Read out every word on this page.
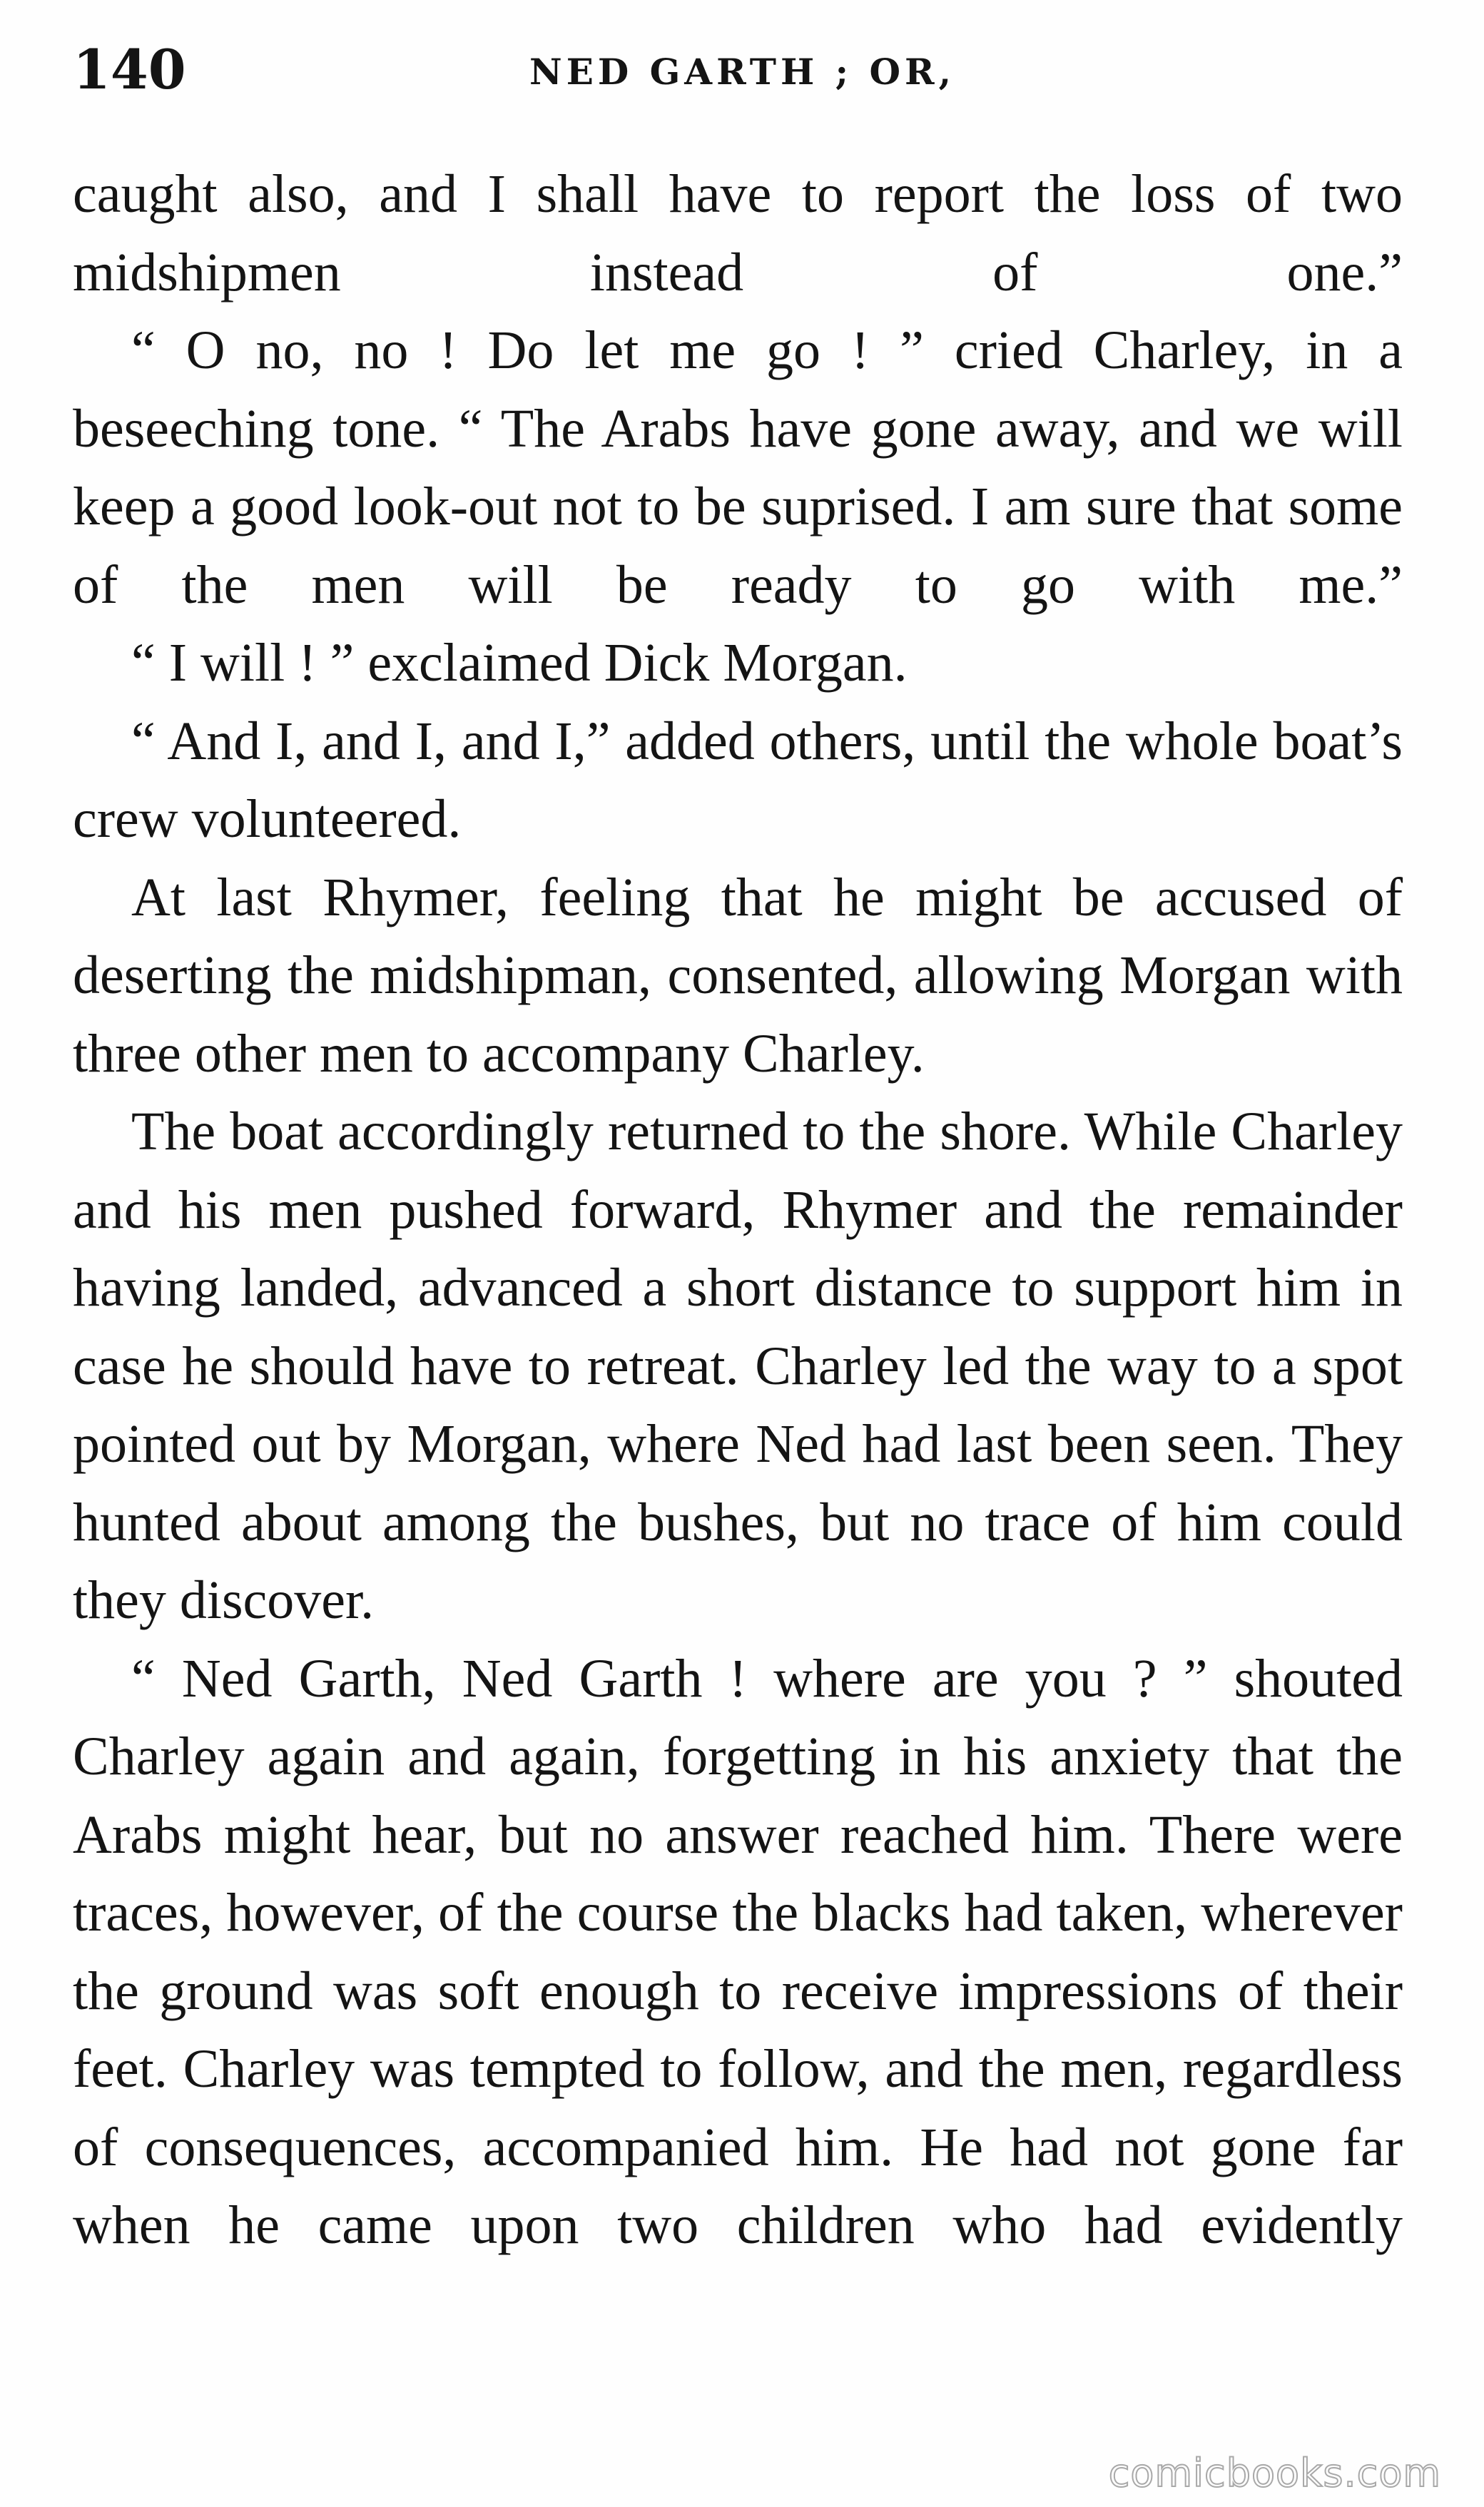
140	NED GARTH ; OR,

caught also, and I shall have to report the loss of two midshipmen instead of one.”

“ O no, no ! Do let me go ! ” cried Charley, in a beseeching tone. “ The Arabs have gone away, and we will keep a good look-out not to be suprised. I am sure that some of the men will be ready to go with me.”

“ I will ! ” exclaimed Dick Morgan.

“ And I, and I, and I,” added others, until the whole boat’s crew volunteered.

At last Rhymer, feeling that he might be accused of deserting the midshipman, consented, allowing Morgan with three other men to accompany Charley.

The boat accordingly returned to the shore. While Charley and his men pushed forward, Rhymer and the remainder having landed, advanced a short distance to support him in case he should have to retreat. Charley led the way to a spot pointed out by Morgan, where Ned had last been seen. They hunted about among the bushes, but no trace of him could they discover.

“ Ned Garth, Ned Garth ! where are you ? ” shouted Charley again and again, forgetting in his anxiety that the Arabs might hear, but no answer reached him. There were traces, however, of the course the blacks had taken, wherever the ground was soft enough to receive impressions of their feet. Charley was tempted to follow, and the men, regardless of consequences, accompanied him. He had not gone far when he came upon two children who had evidently

comicbooks.com
